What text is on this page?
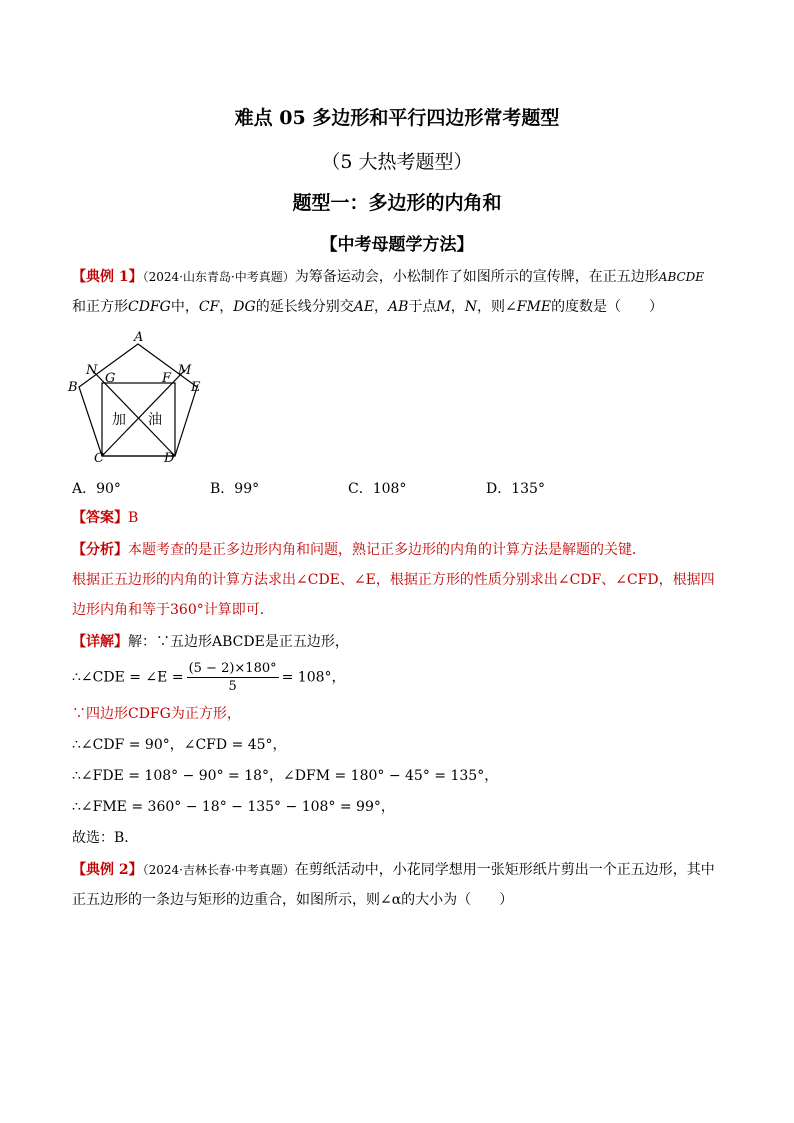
难点 05 多边形和平行四边形常考题型
（5 大热考题型）
题型一：多边形的内角和
【中考母题学方法】
【典例 1】（2024·山东青岛·中考真题）为筹备运动会，小松制作了如图所示的宣传牌，在正五边形ABCDE
和正方形CDFG中，CF，DG的延长线分别交AE，AB于点M，N，则∠FME的度数是（　　）
A
B
C	D
E
F
G
M
N
加 油
A．90°	B．99°	C．108°	D．135°
【答案】B
【分析】本题考查的是正多边形内角和问题，熟记正多边形的内角的计算方法是解题的关键．
根据正五边形的内角的计算方法求出∠CDE、∠E，根据正方形的性质分别求出∠CDF、∠CFD，根据四
边形内角和等于360°计算即可．
【详解】解：∵五边形ABCDE是正五边形，
∴∠CDE = ∠E = $\frac{(5 - 2)\times 180^\circ}{5} = 108^\circ$，
∵四边形CDFG为正方形，
∴∠CDF = 90°，∠CFD = 45°，
∴∠FDE = 108° − 90° = 18°，∠DFM = 180° − 45° = 135°，
∴∠FME = 360° − 18° − 135° − 108° = 99°，
故选：B．
【典例 2】（2024·吉林长春·中考真题）在剪纸活动中，小花同学想用一张矩形纸片剪出一个正五边形，其中
正五边形的一条边与矩形的边重合，如图所示，则∠α的大小为（　　）
